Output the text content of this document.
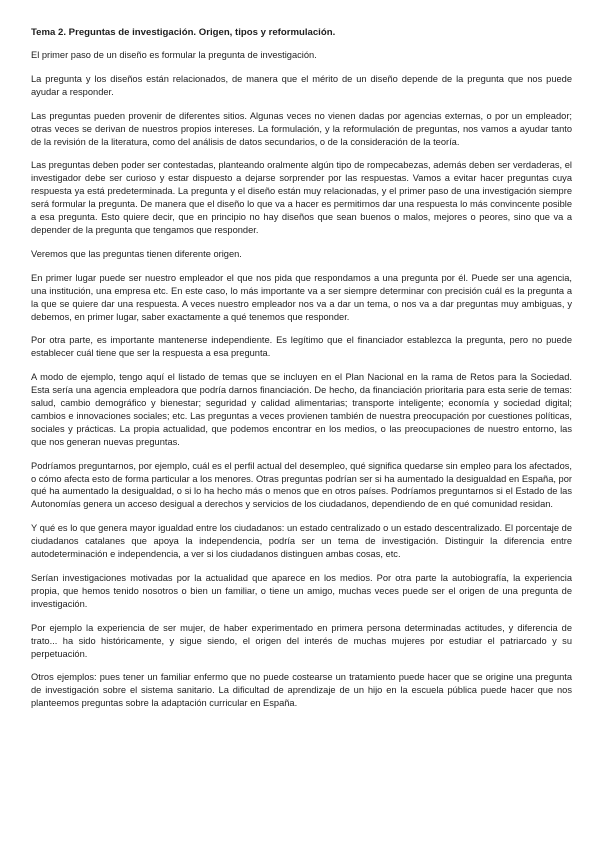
Tema 2. Preguntas de investigación. Origen, tipos y reformulación.

El primer paso de un diseño es formular la pregunta de investigación.

La pregunta y los diseños están relacionados, de manera que el mérito de un diseño depende de la pregunta que nos puede ayudar a responder.

Las preguntas pueden provenir de diferentes sitios. Algunas veces no vienen dadas por agencias externas, o por un empleador; otras veces se derivan de nuestros propios intereses. La formulación, y la reformulación de preguntas, nos vamos a ayudar tanto de la revisión de la literatura, como del análisis de datos secundarios, o de la consideración de la teoría.

Las preguntas deben poder ser contestadas, planteando oralmente algún tipo de rompecabezas, además deben ser verdaderas, el investigador debe ser curioso y estar dispuesto a dejarse sorprender por las respuestas. Vamos a evitar hacer preguntas cuya respuesta ya está predeterminada. La pregunta y el diseño están muy relacionadas, y el primer paso de una investigación siempre será formular la pregunta. De manera que el diseño lo que va a hacer es permitirnos dar una respuesta lo más convincente posible a esa pregunta. Esto quiere decir, que en principio no hay diseños que sean buenos o malos, mejores o peores, sino que va a depender de la pregunta que tengamos que responder.

Veremos que las preguntas tienen diferente origen.

En primer lugar puede ser nuestro empleador el que nos pida que respondamos a una pregunta por él. Puede ser una agencia, una institución, una empresa etc. En este caso, lo más importante va a ser siempre determinar con precisión cuál es la pregunta a la que se quiere dar una respuesta. A veces nuestro empleador nos va a dar un tema, o nos va a dar preguntas muy ambiguas, y debemos, en primer lugar, saber exactamente a qué tenemos que responder.

Por otra parte, es importante mantenerse independiente. Es legítimo que el financiador establezca la pregunta, pero no puede establecer cuál tiene que ser la respuesta a esa pregunta.

A modo de ejemplo, tengo aquí el listado de temas que se incluyen en el Plan Nacional en la rama de Retos para la Sociedad. Esta sería una agencia empleadora que podría darnos financiación. De hecho, da financiación prioritaria para esta serie de temas: salud, cambio demográfico y bienestar; seguridad y calidad alimentarias; transporte inteligente; economía y sociedad digital; cambios e innovaciones sociales; etc. Las preguntas a veces provienen también de nuestra preocupación por cuestiones políticas, sociales y prácticas. La propia actualidad, que podemos encontrar en los medios, o las preocupaciones de nuestro entorno, las que nos generan nuevas preguntas.

Podríamos preguntarnos, por ejemplo, cuál es el perfil actual del desempleo, qué significa quedarse sin empleo para los afectados, o cómo afecta esto de forma particular a los menores. Otras preguntas podrían ser si ha aumentado la desigualdad en España, por qué ha aumentado la desigualdad, o si lo ha hecho más o menos que en otros países. Podríamos preguntarnos si el Estado de las Autonomías genera un acceso desigual a derechos y servicios de los ciudadanos, dependiendo de en qué comunidad residan.

Y qué es lo que genera mayor igualdad entre los ciudadanos: un estado centralizado o un estado descentralizado. El porcentaje de ciudadanos catalanes que apoya la independencia, podría ser un tema de investigación. Distinguir la diferencia entre autodeterminación e independencia, a ver si los ciudadanos distinguen ambas cosas, etc.

Serían investigaciones motivadas por la actualidad que aparece en los medios. Por otra parte la autobiografía, la experiencia propia, que hemos tenido nosotros o bien un familiar, o tiene un amigo, muchas veces puede ser el origen de una pregunta de investigación.

Por ejemplo la experiencia de ser mujer, de haber experimentado en primera persona determinadas actitudes, y diferencia de trato... ha sido históricamente, y sigue siendo, el origen del interés de muchas mujeres por estudiar el patriarcado y su perpetuación.

Otros ejemplos: pues tener un familiar enfermo que no puede costearse un tratamiento puede hacer que se origine una pregunta de investigación sobre el sistema sanitario. La dificultad de aprendizaje de un hijo en la escuela pública puede hacer que nos planteemos preguntas sobre la adaptación curricular en España.
